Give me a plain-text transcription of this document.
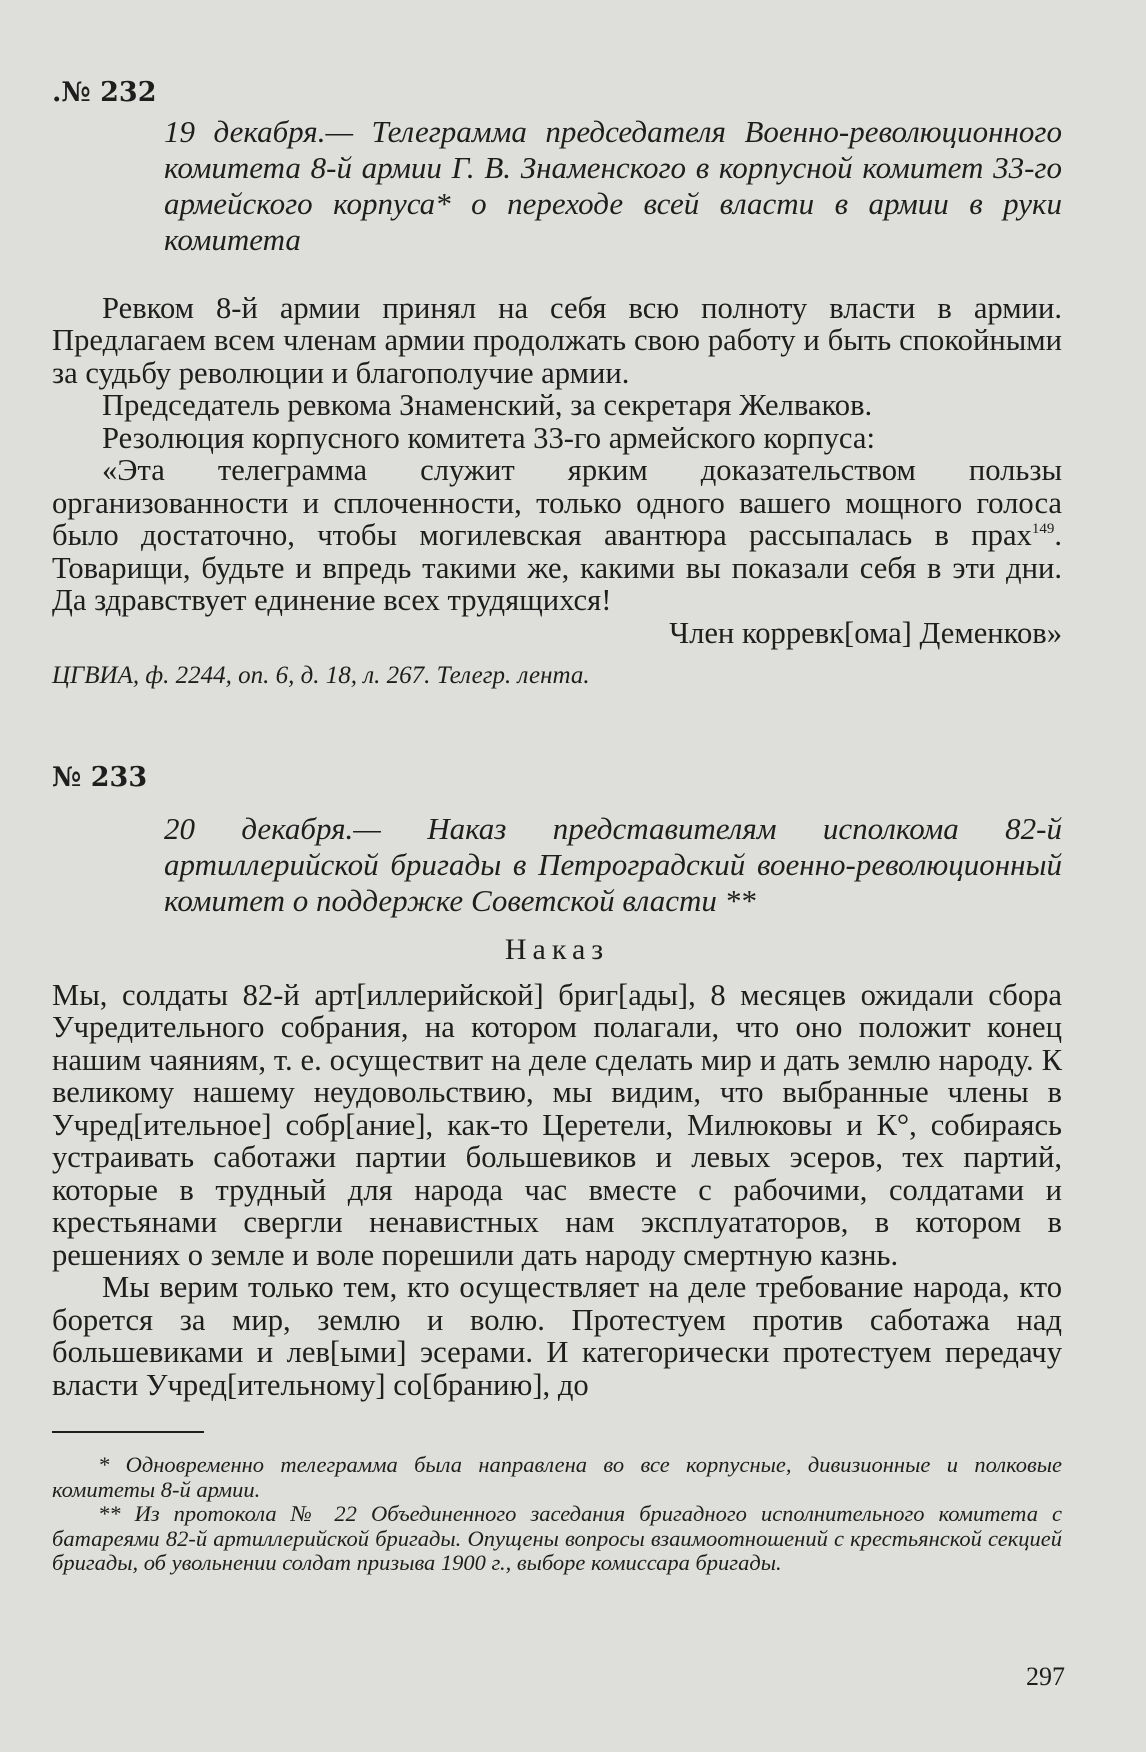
.№ 232
19 декабря.— Телеграмма председателя Военно-революционного комитета 8-й армии Г. В. Знаменского в корпусной комитет 33-го армейского корпуса* о переходе всей власти в армии в руки комитета

Ревком 8-й армии принял на себя всю полноту власти в армии. Предлагаем всем членам армии продолжать свою работу и быть спокойными за судьбу революции и благополучие армии.

Председатель ревкома Знаменский, за секретаря Желваков.

Резолюция корпусного комитета 33-го армейского корпуса:

«Эта телеграмма служит ярким доказательством пользы организованности и сплоченности, только одного вашего мощного голоса было достаточно, чтобы могилевская авантюра рассыпалась в прах$^{149}$. Товарищи, будьте и впредь такими же, какими вы показали себя в эти дни. Да здравствует единение всех трудящихся!

Член корревк[ома] Деменков»
ЦГВИА, ф. 2244, оп. 6, д. 18, л. 267. Телегр. лента.
№ 233
20 декабря.— Наказ представителям исполкома 82-й артиллерийской бригады в Петроградский военно-революционный комитет о поддержке Советской власти **
Наказ

Мы, солдаты 82-й арт[иллерийской] бриг[ады], 8 месяцев ожидали сбора Учредительного собрания, на котором полагали, что оно положит конец нашим чаяниям, т. е. осуществит на деле сделать мир и дать землю народу. К великому нашему неудовольствию, мы видим, что выбранные члены в Учред[ительное] собр[ание], как-то Церетели, Милюковы и К°, собираясь устраивать саботажи партии большевиков и левых эсеров, тех партий, которые в трудный для народа час вместе с рабочими, солдатами и крестьянами свергли ненавистных нам эксплуататоров, в котором в решениях о земле и воле порешили дать народу смертную казнь.

Мы верим только тем, кто осуществляет на деле требование народа, кто борется за мир, землю и волю. Протестуем против саботажа над большевиками и лев[ыми] эсерами. И категорически протестуем передачу власти Учред[ительному] со[бранию], до

* Одновременно телеграмма была направлена во все корпусные, дивизионные и полковые комитеты 8-й армии.

** Из протокола № 22 Объединенного заседания бригадного исполнительного комитета с батареями 82-й артиллерийской бригады. Опущены вопросы взаимоотношений с крестьянской секцией бригады, об увольнении солдат призыва 1900 г., выборе комиссара бригады.

297
